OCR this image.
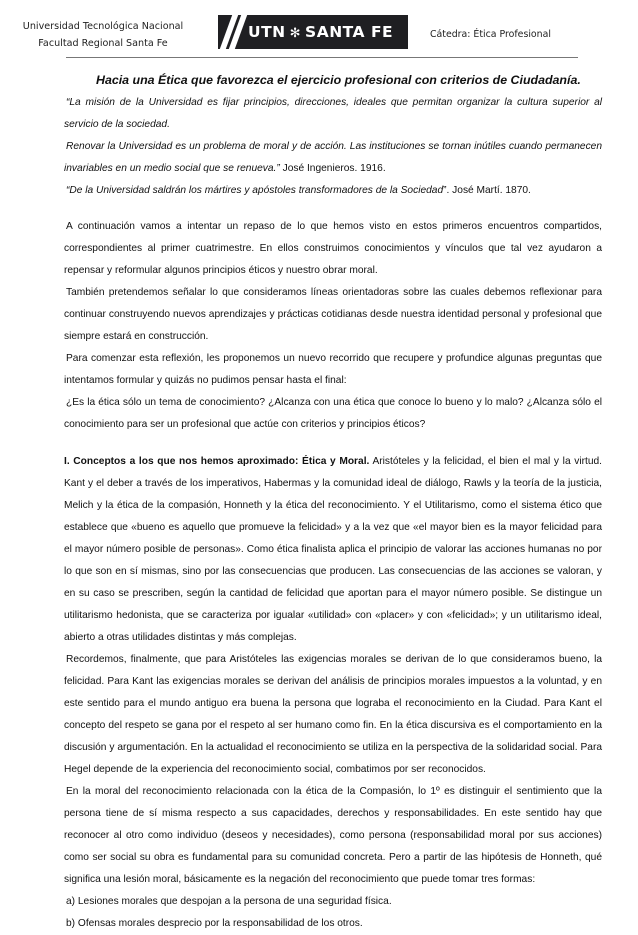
Universidad Tecnológica Nacional
Facultad Regional Santa Fe
UTN ✻ SANTA FE	Cátedra: Ética Profesional
Hacia una Ética que favorezca el ejercicio profesional con criterios de Ciudadanía.

“La misión de la Universidad es fijar principios, direcciones, ideales que permitan organizar la cultura superior al servicio de la sociedad.

Renovar la Universidad es un problema de moral y de acción. Las instituciones se tornan inútiles cuando permanecen invariables en un medio social que se renueva.” José Ingenieros. 1916.

“De la Universidad saldrán los mártires y apóstoles transformadores de la Sociedad”. José Martí. 1870.

A continuación vamos a intentar un repaso de lo que hemos visto en estos primeros encuentros compartidos, correspondientes al primer cuatrimestre. En ellos construimos conocimientos y vínculos que tal vez ayudaron a repensar y reformular algunos principios éticos y nuestro obrar moral.

También pretendemos señalar lo que consideramos líneas orientadoras sobre las cuales debemos reflexionar para continuar construyendo nuevos aprendizajes y prácticas cotidianas desde nuestra identidad personal y profesional que siempre estará en construcción.

Para comenzar esta reflexión, les proponemos un nuevo recorrido que recupere y profundice algunas preguntas que intentamos formular y quizás no pudimos pensar hasta el final:

¿Es la ética sólo un tema de conocimiento? ¿Alcanza con una ética que conoce lo bueno y lo malo? ¿Alcanza sólo el conocimiento para ser un profesional que actúe con criterios y principios éticos?

I. Conceptos a los que nos hemos aproximado: Ética y Moral. Aristóteles y la felicidad, el bien el mal y la virtud. Kant y el deber a través de los imperativos, Habermas y la comunidad ideal de diálogo, Rawls y la teoría de la justicia, Melich y la ética de la compasión, Honneth y la ética del reconocimiento. Y el Utilitarismo, como el sistema ético que establece que «bueno es aquello que promueve la felicidad» y a la vez que «el mayor bien es la mayor felicidad para el mayor número posible de personas». Como ética finalista aplica el principio de valorar las acciones humanas no por lo que son en sí mismas, sino por las consecuencias que producen. Las consecuencias de las acciones se valoran, y en su caso se prescriben, según la cantidad de felicidad que aportan para el mayor número posible. Se distingue un utilitarismo hedonista, que se caracteriza por igualar «utilidad» con «placer» y con «felicidad»; y un utilitarismo ideal, abierto a otras utilidades distintas y más complejas.

Recordemos, finalmente, que para Aristóteles las exigencias morales se derivan de lo que consideramos bueno, la felicidad. Para Kant las exigencias morales se derivan del análisis de principios morales impuestos a la voluntad, y en este sentido para el mundo antiguo era buena la persona que lograba el reconocimiento en la Ciudad. Para Kant el concepto del respeto se gana por el respeto al ser humano como fin. En la ética discursiva es el comportamiento en la discusión y argumentación. En la actualidad el reconocimiento se utiliza en la perspectiva de la solidaridad social. Para Hegel depende de la experiencia del reconocimiento social, combatimos por ser reconocidos.

En la moral del reconocimiento relacionada con la ética de la Compasión, lo 1º es distinguir el sentimiento que la persona tiene de sí misma respecto a sus capacidades, derechos y responsabilidades. En este sentido hay que reconocer al otro como individuo (deseos y necesidades), como persona (responsabilidad moral por sus acciones) como ser social su obra es fundamental para su comunidad concreta. Pero a partir de las hipótesis de Honneth, qué significa una lesión moral, básicamente es la negación del reconocimiento que puede tomar tres formas:

a) Lesiones morales que despojan a la persona de una seguridad física.

b) Ofensas morales desprecio por la responsabilidad de los otros.
